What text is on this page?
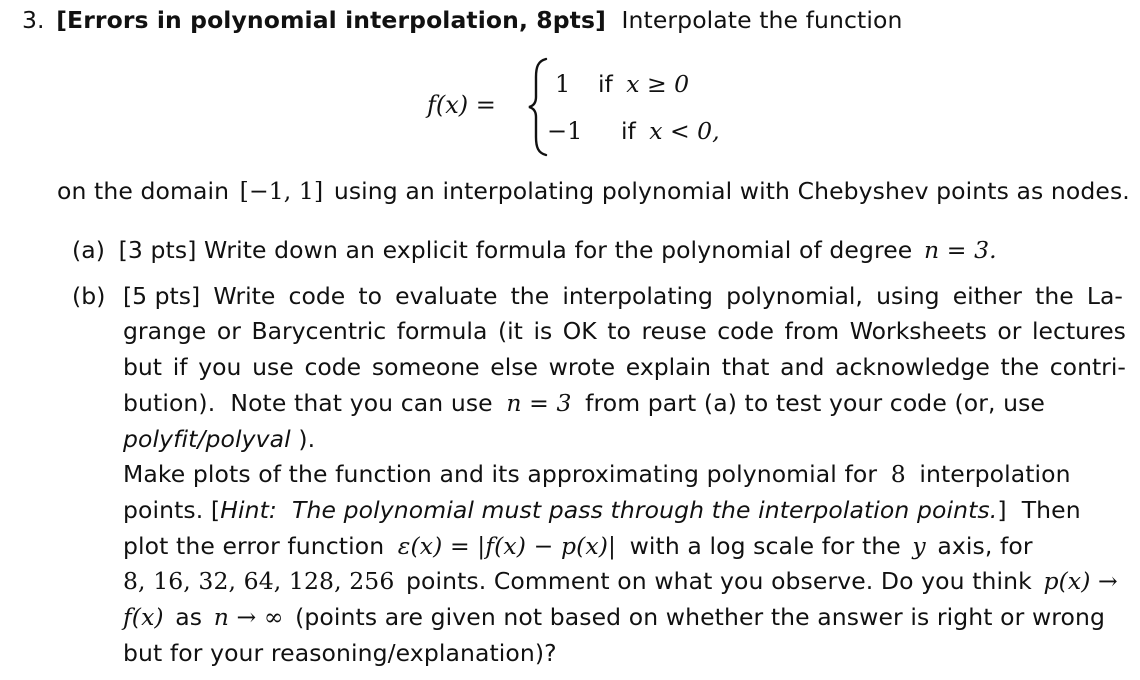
3. [Errors in polynomial interpolation, 8pts] Interpolate the function
f(x) =
1 if x ≥ 0
−1 if x < 0,
on the domain [−1, 1] using an interpolating polynomial with Chebyshev points as nodes.
(a) [3 pts] Write down an explicit formula for the polynomial of degree n = 3.
(b) [5 pts] Write code to evaluate the interpolating polynomial, using either the La-
grange or Barycentric formula (it is OK to reuse code from Worksheets or lectures
but if you use code someone else wrote explain that and acknowledge the contri-
bution).  Note that you can use n = 3 from part (a) to test your code (or, use
polyfit/polyval ).
Make plots of the function and its approximating polynomial for 8 interpolation
points. [Hint:  The polynomial must pass through the interpolation points.]  Then
plot the error function ε(x) = |f(x) − p(x)| with a log scale for the y axis, for
8, 16, 32, 64, 128, 256 points. Comment on what you observe. Do you think p(x) →
f(x) as n → ∞ (points are given not based on whether the answer is right or wrong
but for your reasoning/explanation)?
